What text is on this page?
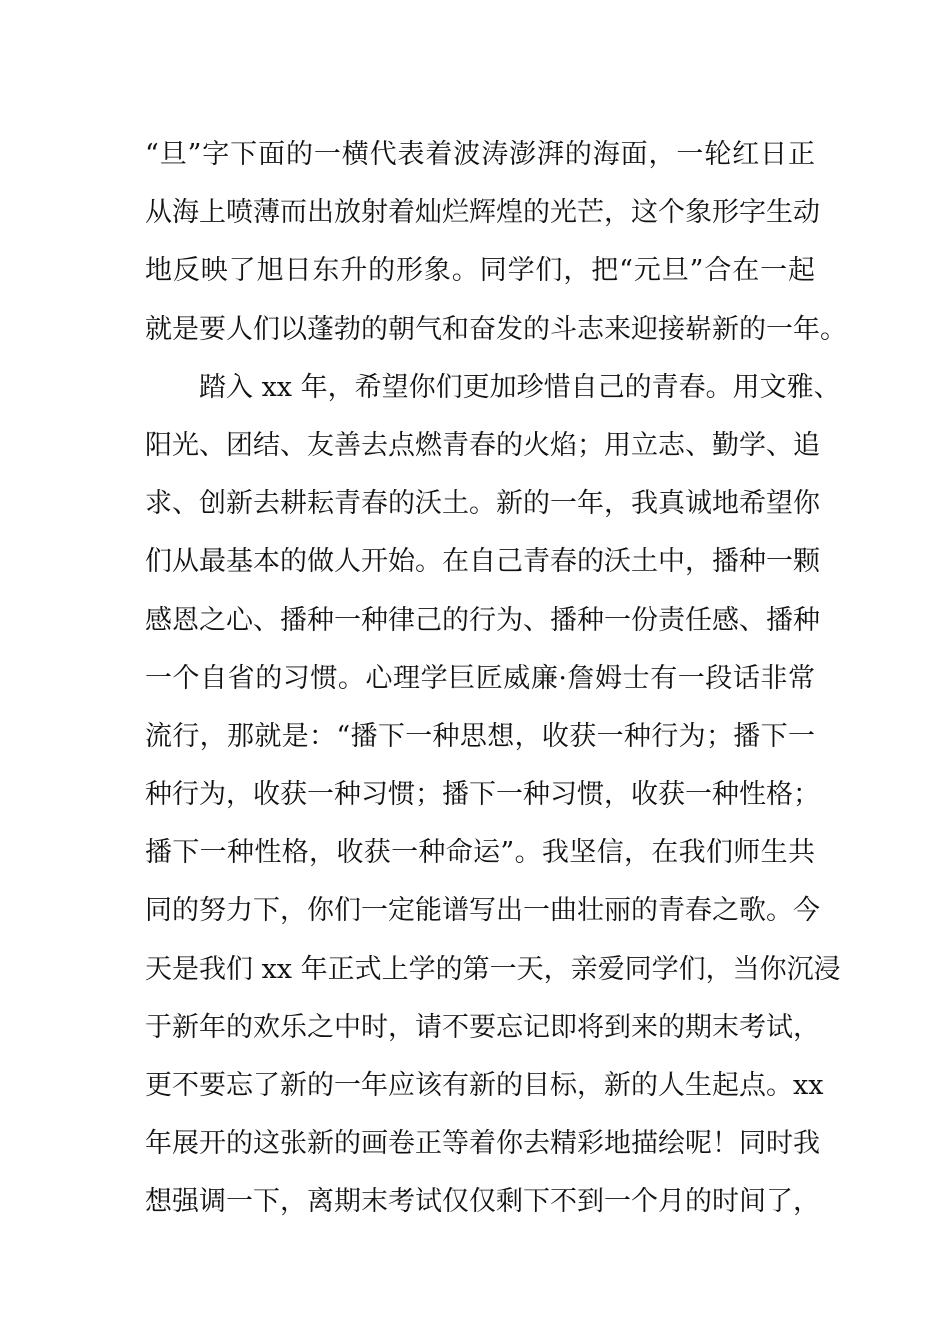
“旦”字下面的一横代表着波涛澎湃的海面，一轮红日正
从海上喷薄而出放射着灿烂辉煌的光芒，这个象形字生动
地反映了旭日东升的形象。同学们，把“元旦”合在一起
就是要人们以蓬勃的朝气和奋发的斗志来迎接崭新的一年。
　　踏入 xx 年，希望你们更加珍惜自己的青春。用文雅、
阳光、团结、友善去点燃青春的火焰；用立志、勤学、追
求、创新去耕耘青春的沃土。新的一年，我真诚地希望你
们从最基本的做人开始。在自己青春的沃土中，播种一颗
感恩之心、播种一种律己的行为、播种一份责任感、播种
一个自省的习惯。心理学巨匠威廉·詹姆士有一段话非常
流行，那就是：“播下一种思想，收获一种行为；播下一
种行为，收获一种习惯；播下一种习惯，收获一种性格；
播下一种性格，收获一种命运”。我坚信，在我们师生共
同的努力下，你们一定能谱写出一曲壮丽的青春之歌。今
天是我们 xx 年正式上学的第一天，亲爱同学们，当你沉浸
于新年的欢乐之中时，请不要忘记即将到来的期末考试，
更不要忘了新的一年应该有新的目标，新的人生起点。xx
年展开的这张新的画卷正等着你去精彩地描绘呢！同时我
想强调一下，离期末考试仅仅剩下不到一个月的时间了，
